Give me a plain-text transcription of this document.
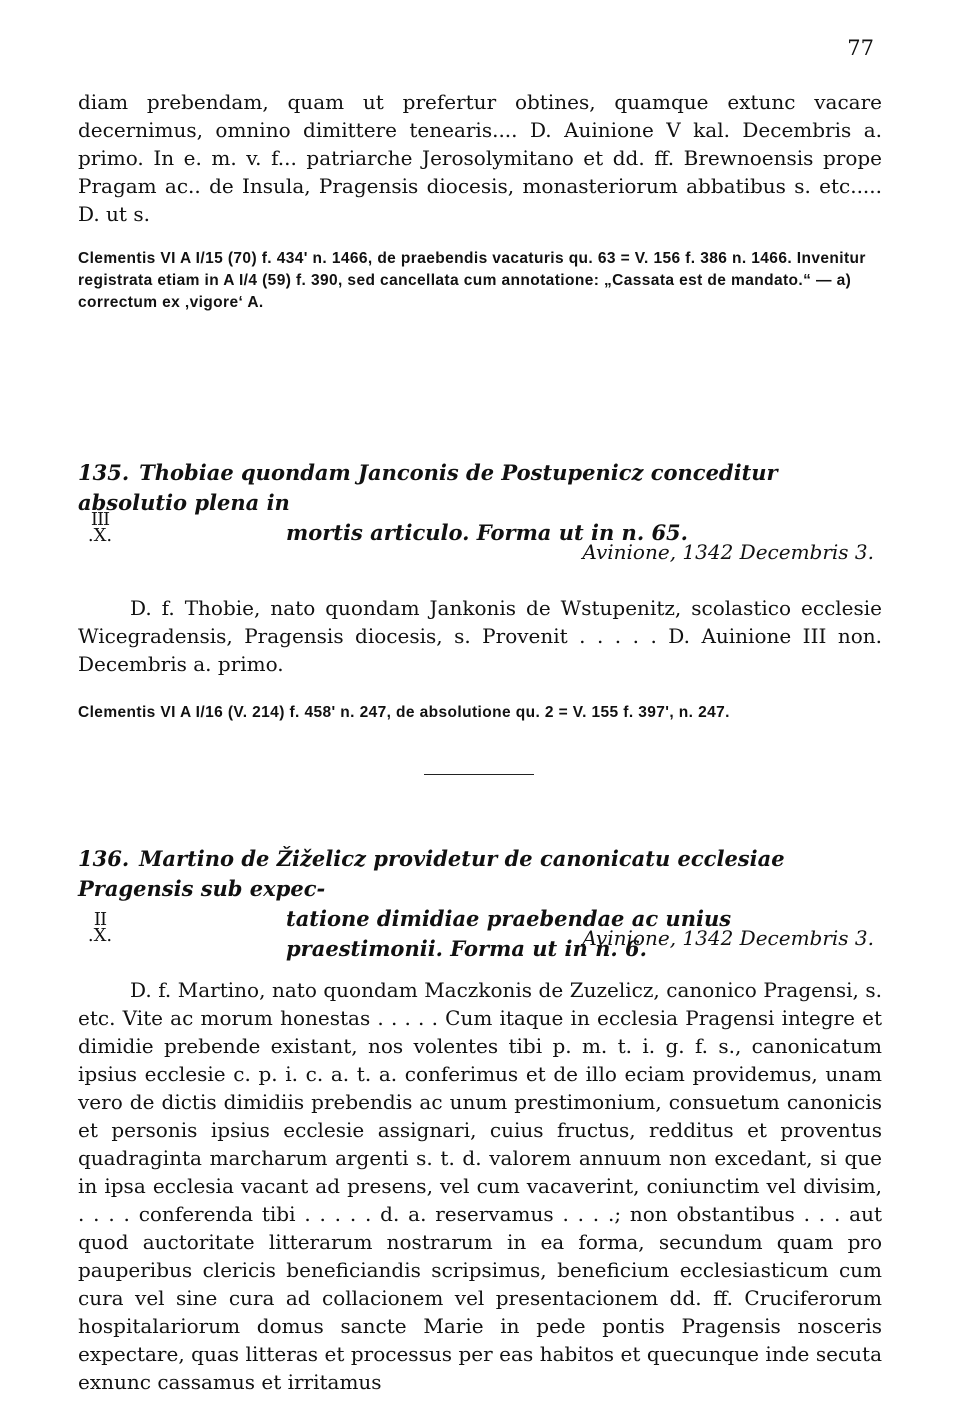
77

diam prebendam, quam ut prefertur obtines, quamque extunc vacare decernimus, omnino dimittere tenearis.... D. Auinione V kal. Decembris a. primo. In e. m. v. f... patriarche Jerosolymitano et dd. ff. Brewnoensis prope Pragam ac.. de Insula, Pragensis diocesis, monasteriorum abbatibus s. etc..... D. ut s.

Clementis VI A I/15 (70) f. 434' n. 1466, de praebendis vacaturis qu. 63 = V. 156 f. 386 n. 1466. Invenitur registrata etiam in A I/4 (59) f. 390, sed cancellata cum annotatione: „Cassata est de mandato.“ — a) correctum ex ‚vigore‘ A.

135. Thobiae quondam Janconis de Postupenicz conceditur absolutio plena in
mortis articulo. Forma ut in n. 65.
III
.X.
Avinione, 1342 Decembris 3.

D. f. Thobie, nato quondam Jankonis de Wstupenitz, scolastico ecclesie Wicegradensis, Pragensis diocesis, s. Provenit . . . . . D. Auinione III non. Decembris a. primo.

Clementis VI A I/16 (V. 214) f. 458' n. 247, de absolutione qu. 2 = V. 155 f. 397', n. 247.

136. Martino de Žiželicz providetur de canonicatu ecclesiae Pragensis sub expec-
tatione dimidiae praebendae ac unius praestimonii. Forma ut in n. 6.
II
.X.	Avinione, 1342 Decembris 3.

D. f. Martino, nato quondam Maczkonis de Zuzelicz, canonico Pragensi, s. etc. Vite ac morum honestas . . . . . Cum itaque in ecclesia Pragensi integre et dimidie prebende existant, nos volentes tibi p. m. t. i. g. f. s., canonicatum ipsius ecclesie c. p. i. c. a. t. a. conferimus et de illo eciam providemus, unam vero de dictis dimidiis prebendis ac unum prestimonium, consuetum canonicis et personis ipsius ecclesie assignari, cuius fructus, redditus et proventus quadraginta marcharum argenti s. t. d. valorem annuum non excedant, si que in ipsa ecclesia vacant ad presens, vel cum vacaverint, coniunctim vel divisim, . . . . conferenda tibi . . . . . d. a. reservamus . . . .; non obstantibus . . . aut quod auctoritate litterarum nostrarum in ea forma, secundum quam pro pauperibus clericis beneficiandis scripsimus, beneficium ecclesiasticum cum cura vel sine cura ad collacionem vel presentacionem dd. ff. Cruciferorum hospitalariorum domus sancte Marie in pede pontis Pragensis nosceris expectare, quas litteras et processus per eas habitos et quecunque inde secuta exnunc cassamus et irritamus
